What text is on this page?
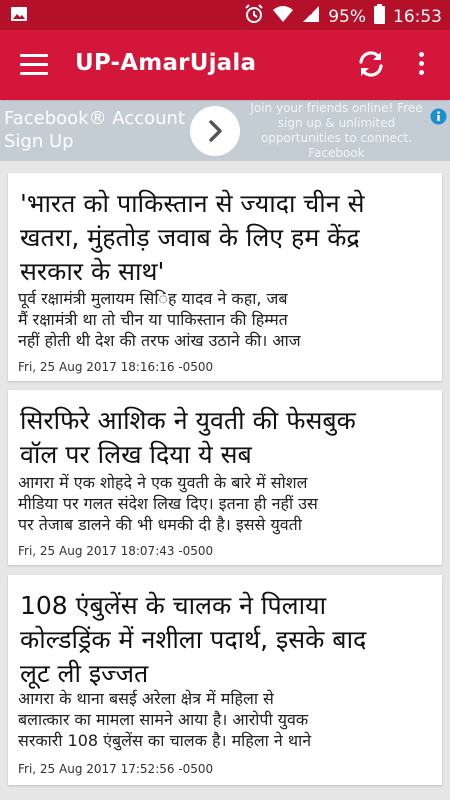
95% 16:53
UP-AmarUjala
Facebook® Account
Sign Up
Join your friends online! Free
sign up & unlimited
opportunities to connect.
Facebook
'भारत को पाकिस्तान से ज्यादा चीन से
खतरा, मुंहतोड़ जवाब के लिए हम केंद्र
सरकार के साथ'
पूर्व रक्षामंत्री मुलायम सि​िंह यादव ने कहा, जब
मैं रक्षामंत्री था तो चीन या पाकिस्तान की हिम्मत
नहीं होती थी देश की तरफ आंख उठाने की। आज
Fri, 25 Aug 2017 18:16:16 -0500
सिरफिरे आशिक ने युवती की फेसबुक
वॉल पर लिख दिया ये सब
आगरा में एक शोहदे ने एक युवती के बारे में सोशल
मीडिया पर गलत संदेश लिख दिए। इतना ही नहीं उस
पर तेजाब डालने की भी धमकी दी है। इससे युवती
Fri, 25 Aug 2017 18:07:43 -0500
108 एंबुलेंस के चालक ने पिलाया
कोल्डड्रिंक में नशीला पदार्थ, इसके बाद
लूट ली इज्जत
आगरा के थाना बसई अरेला क्षेत्र में महिला से
बलात्कार का मामला सामने आया है। आरोपी युवक
सरकारी 108 एंबुलेंस का चालक है। महिला ने थाने
Fri, 25 Aug 2017 17:52:56 -0500
